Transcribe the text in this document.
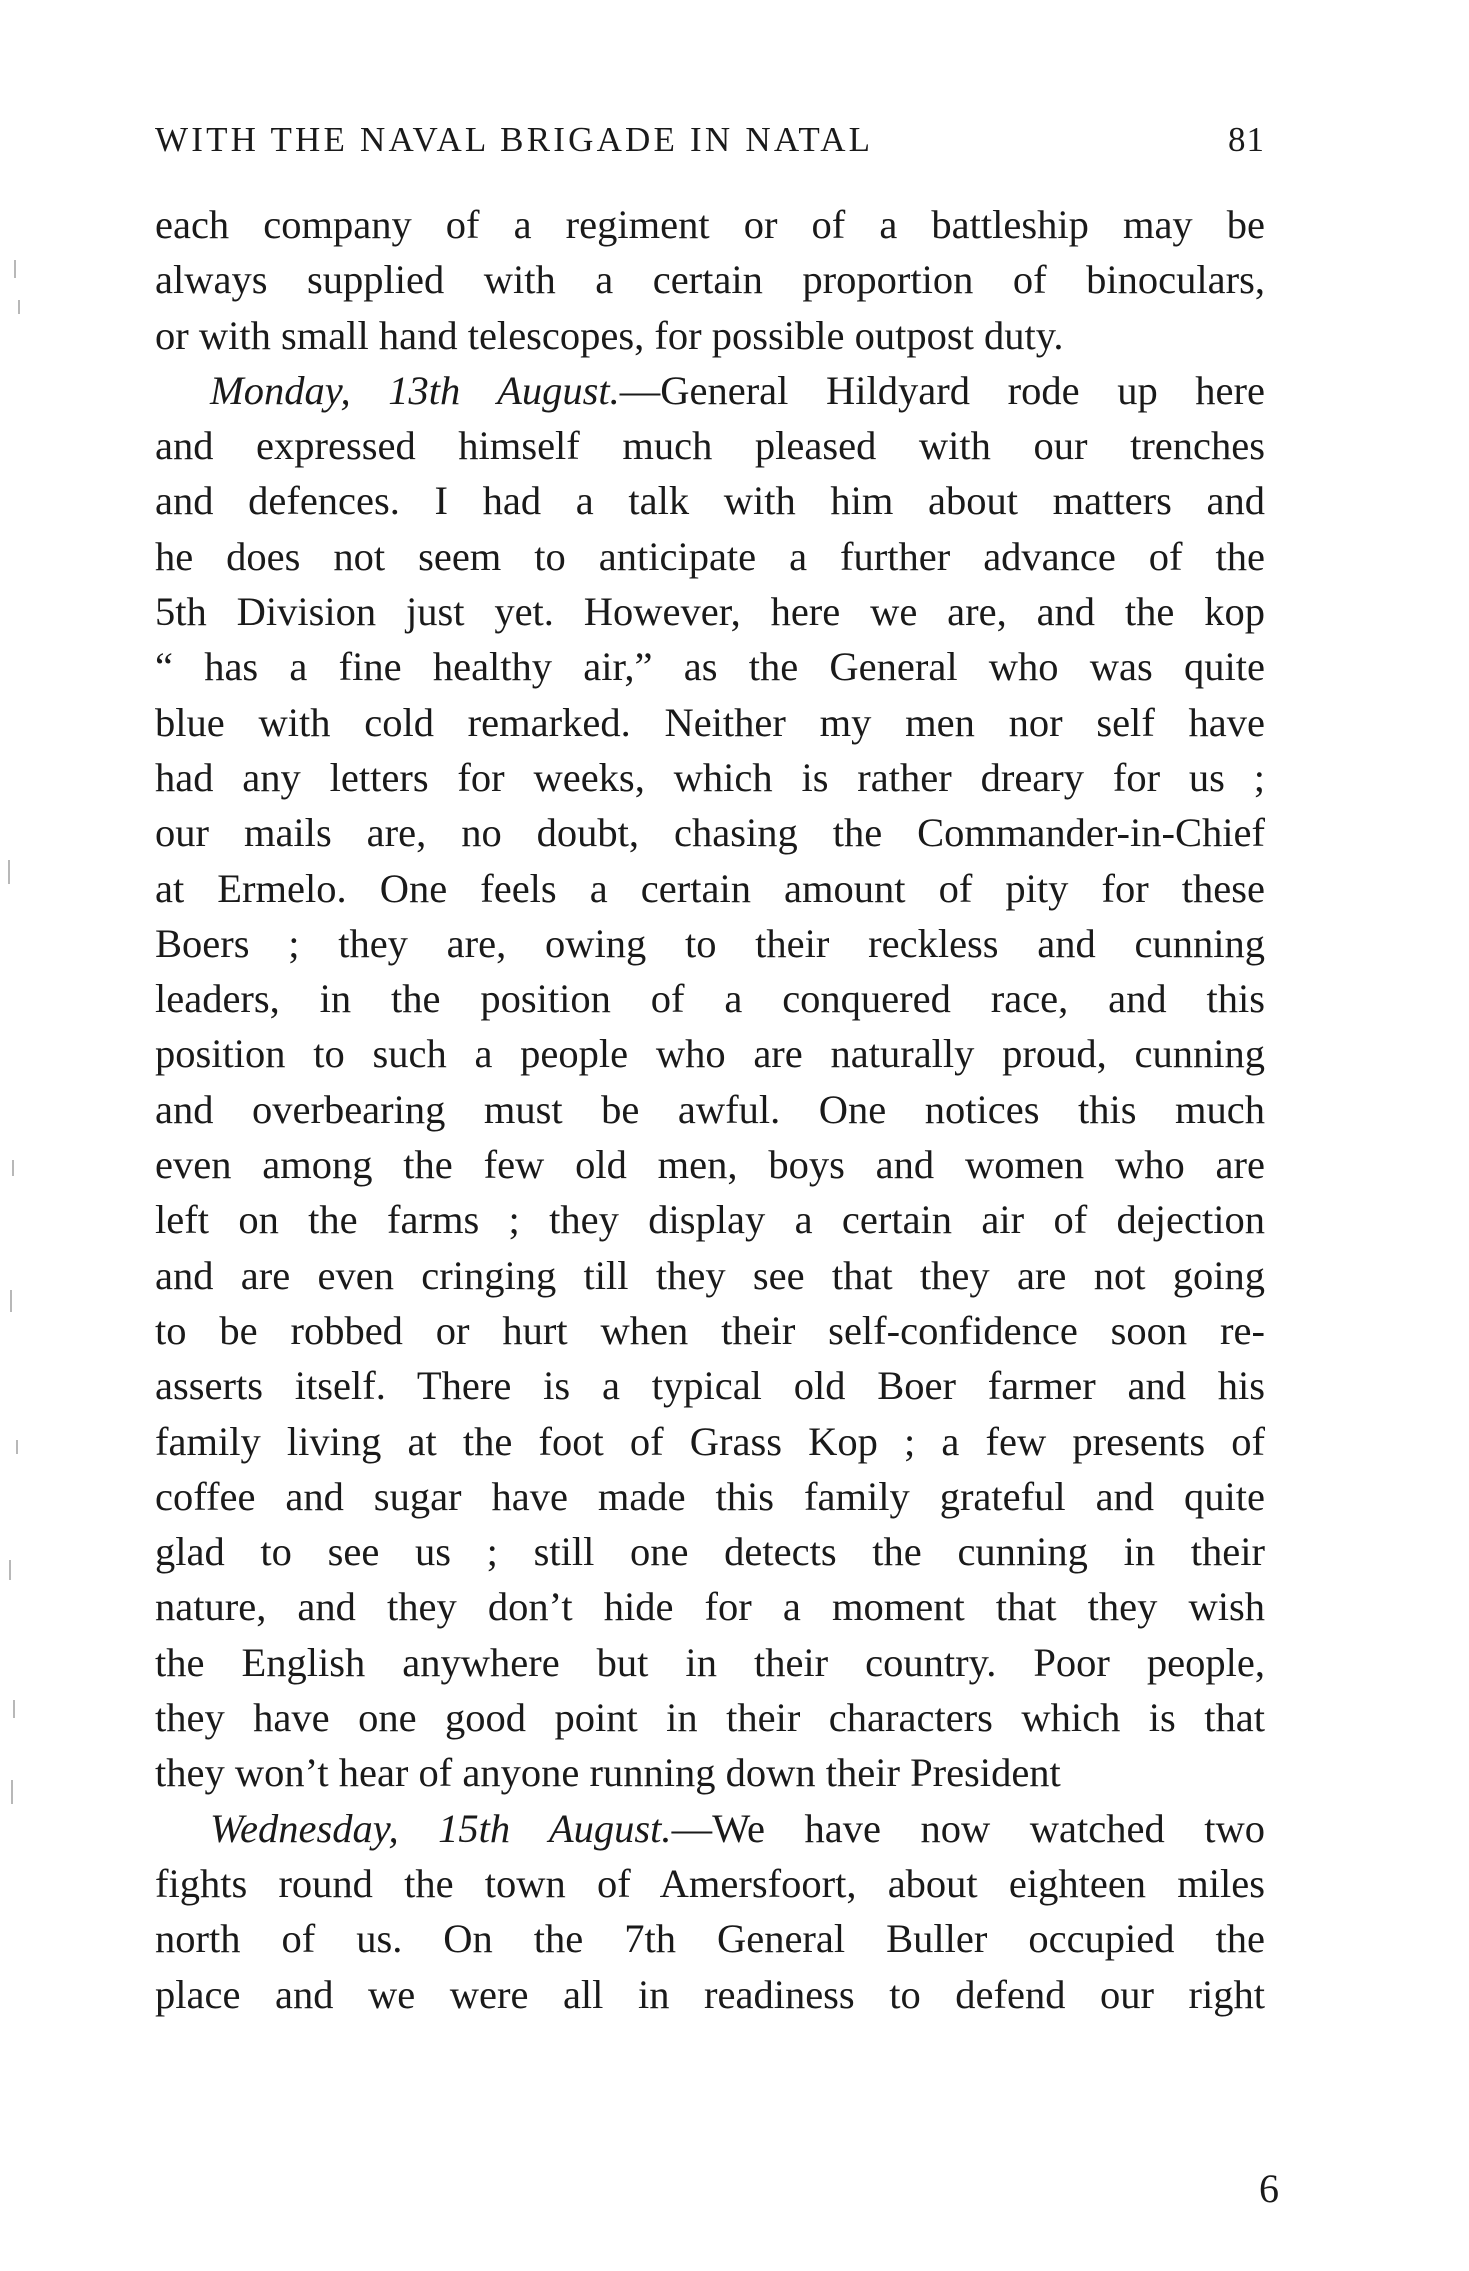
WITH THE NAVAL BRIGADE IN NATAL	81
each company of a regiment or of a battleship may be
always supplied with a certain proportion of binoculars,
or with small hand telescopes, for possible outpost duty.
Monday, 13th August.—General Hildyard rode up here
and expressed himself much pleased with our trenches
and defences. I had a talk with him about matters and
he does not seem to anticipate a further advance of the
5th Division just yet. However, here we are, and the kop
“ has a fine healthy air,” as the General who was quite
blue with cold remarked. Neither my men nor self have
had any letters for weeks, which is rather dreary for us ;
our mails are, no doubt, chasing the Commander-in-Chief
at Ermelo. One feels a certain amount of pity for these
Boers ; they are, owing to their reckless and cunning
leaders, in the position of a conquered race, and this
position to such a people who are naturally proud, cunning
and overbearing must be awful. One notices this much
even among the few old men, boys and women who are
left on the farms ; they display a certain air of dejection
and are even cringing till they see that they are not going
to be robbed or hurt when their self-confidence soon re-
asserts itself. There is a typical old Boer farmer and his
family living at the foot of Grass Kop ; a few presents of
coffee and sugar have made this family grateful and quite
glad to see us ; still one detects the cunning in their
nature, and they don’t hide for a moment that they wish
the English anywhere but in their country. Poor people,
they have one good point in their characters which is that
they won’t hear of anyone running down their President
Wednesday, 15th August.—We have now watched two
fights round the town of Amersfoort, about eighteen miles
north of us. On the 7th General Buller occupied the
place and we were all in readiness to defend our right
6
